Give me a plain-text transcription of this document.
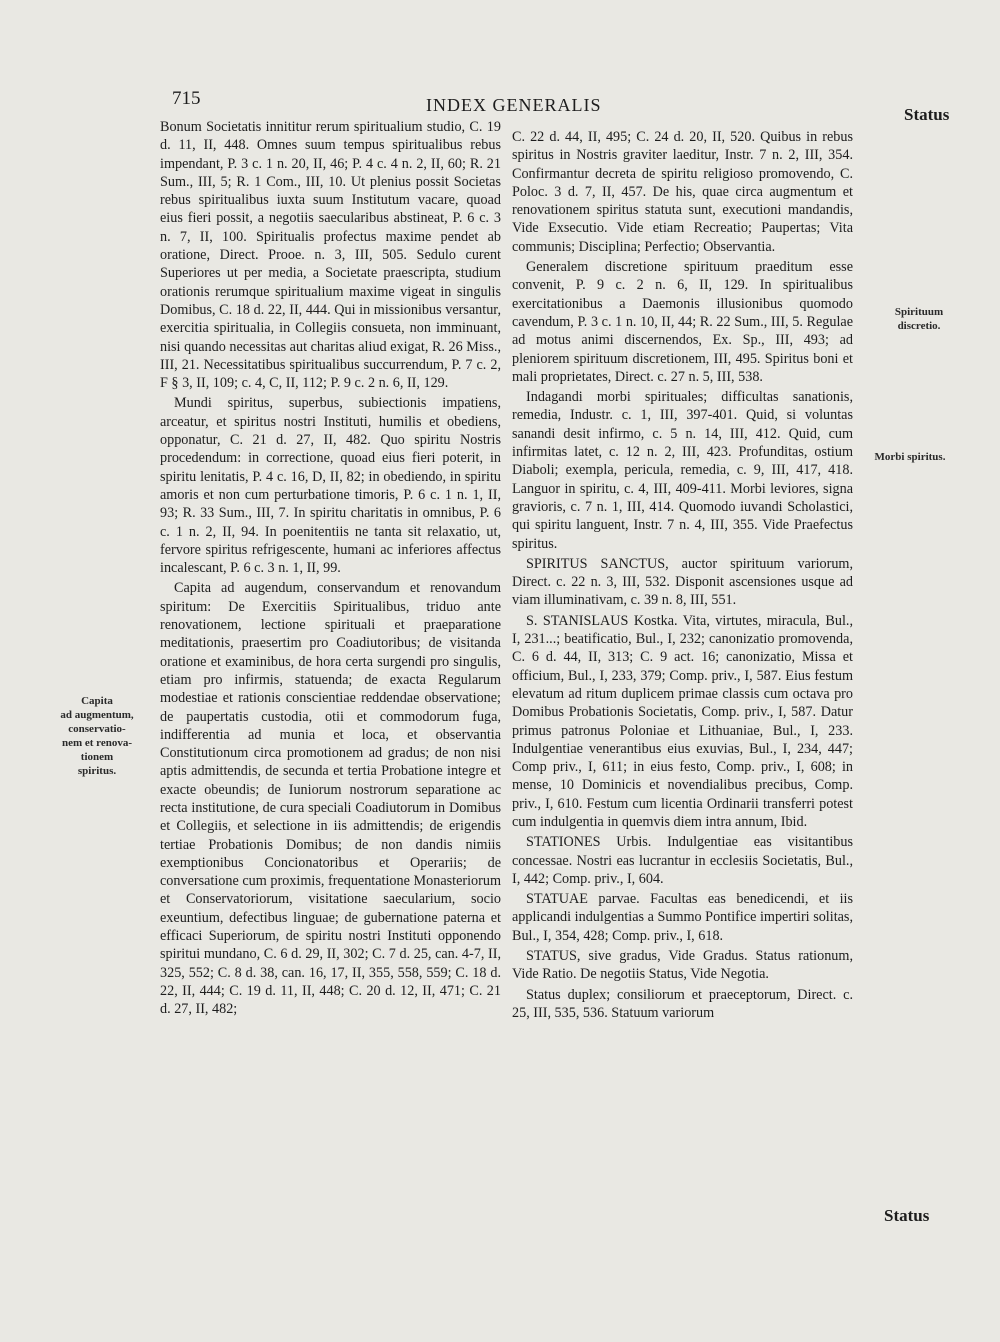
715	INDEX GENERALIS	Status
Spirituum
discretio.
Morbi spiritus.
Capita
ad augmentum,
conservatio-
nem et renova-
tionem
spiritus.

Bonum Societatis innititur rerum spiritualium studio, C. 19 d. 11, II, 448. Omnes suum tempus spiritualibus rebus impendant, P. 3 c. 1 n. 20, II, 46; P. 4 c. 4 n. 2, II, 60; R. 21 Sum., III, 5; R. 1 Com., III, 10. Ut plenius possit Societas rebus spiritualibus iuxta suum Institutum vacare, quoad eius fieri possit, a negotiis saecularibus abstineat, P. 6 c. 3 n. 7, II, 100. Spiritualis profectus maxime pendet ab oratione, Direct. Prooe. n. 3, III, 505. Sedulo curent Superiores ut per media, a Societate praescripta, studium orationis rerumque spiritualium maxime vigeat in singulis Domibus, C. 18 d. 22, II, 444. Qui in missionibus versantur, exercitia spiritualia, in Collegiis consueta, non imminuant, nisi quando necessitas aut charitas aliud exigat, R. 26 Miss., III, 21. Necessitatibus spiritualibus succurrendum, P. 7 c. 2, F § 3, II, 109; c. 4, C, II, 112; P. 9 c. 2 n. 6, II, 129.

Mundi spiritus, superbus, subiectionis impatiens, arceatur, et spiritus nostri Instituti, humilis et obediens, opponatur, C. 21 d. 27, II, 482. Quo spiritu Nostris procedendum: in correctione, quoad eius fieri poterit, in spiritu lenitatis, P. 4 c. 16, D, II, 82; in obediendo, in spiritu amoris et non cum perturbatione timoris, P. 6 c. 1 n. 1, II, 93; R. 33 Sum., III, 7. In spiritu charitatis in omnibus, P. 6 c. 1 n. 2, II, 94. In poenitentiis ne tanta sit relaxatio, ut, fervore spiritus refrigescente, humani ac inferiores affectus incalescant, P. 6 c. 3 n. 1, II, 99.

Capita ad augendum, conservandum et renovandum spiritum: De Exercitiis Spiritualibus, triduo ante renovationem, lectione spirituali et praeparatione meditationis, praesertim pro Coadiutoribus; de visitanda oratione et examinibus, de hora certa surgendi pro singulis, etiam pro infirmis, statuenda; de exacta Regularum modestiae et rationis conscientiae reddendae observatione; de paupertatis custodia, otii et commodorum fuga, indifferentia ad munia et loca, et observantia Constitutionum circa promotionem ad gradus; de non nisi aptis admittendis, de secunda et tertia Probatione integre et exacte obeundis; de Iuniorum nostrorum separatione ac recta institutione, de cura speciali Coadiutorum in Domibus et Collegiis, et selectione in iis admittendis; de erigendis tertiae Probationis Domibus; de non dandis nimiis exemptionibus Concionatoribus et Operariis; de conversatione cum proximis, frequentatione Monasteriorum et Conservatoriorum, visitatione saecularium, socio exeuntium, defectibus linguae; de gubernatione paterna et efficaci Superiorum, de spiritu nostri Instituti opponendo spiritui mundano, C. 6 d. 29, II, 302; C. 7 d. 25, can. 4-7, II, 325, 552; C. 8 d. 38, can. 16, 17, II, 355, 558, 559; C. 18 d. 22, II, 444; C. 19 d. 11, II, 448; C. 20 d. 12, II, 471; C. 21 d. 27, II, 482;

C. 22 d. 44, II, 495; C. 24 d. 20, II, 520. Quibus in rebus spiritus in Nostris graviter laeditur, Instr. 7 n. 2, III, 354. Confirmantur decreta de spiritu religioso promovendo, C. Poloc. 3 d. 7, II, 457. De his, quae circa augmentum et renovationem spiritus statuta sunt, executioni mandandis, Vide Exsecutio. Vide etiam Recreatio; Paupertas; Vita communis; Disciplina; Perfectio; Observantia.

Generalem discretione spirituum praeditum esse convenit, P. 9 c. 2 n. 6, II, 129. In spiritualibus exercitationibus a Daemonis illusionibus quomodo cavendum, P. 3 c. 1 n. 10, II, 44; R. 22 Sum., III, 5. Regulae ad motus animi discernendos, Ex. Sp., III, 493; ad pleniorem spirituum discretionem, III, 495. Spiritus boni et mali proprietates, Direct. c. 27 n. 5, III, 538.

Indagandi morbi spirituales; difficultas sanationis, remedia, Industr. c. 1, III, 397-401. Quid, si voluntas sanandi desit infirmo, c. 5 n. 14, III, 412. Quid, cum infirmitas latet, c. 12 n. 2, III, 423. Profunditas, ostium Diaboli; exempla, pericula, remedia, c. 9, III, 417, 418. Languor in spiritu, c. 4, III, 409-411. Morbi leviores, signa gravioris, c. 7 n. 1, III, 414. Quomodo iuvandi Scholastici, qui spiritu languent, Instr. 7 n. 4, III, 355. Vide Praefectus spiritus.

SPIRITUS SANCTUS, auctor spirituum variorum, Direct. c. 22 n. 3, III, 532. Disponit ascensiones usque ad viam illuminativam, c. 39 n. 8, III, 551.

S. STANISLAUS Kostka. Vita, virtutes, miracula, Bul., I, 231...; beatificatio, Bul., I, 232; canonizatio promovenda, C. 6 d. 44, II, 313; C. 9 act. 16; canonizatio, Missa et officium, Bul., I, 233, 379; Comp. priv., I, 587. Eius festum elevatum ad ritum duplicem primae classis cum octava pro Domibus Probationis Societatis, Comp. priv., I, 587. Datur primus patronus Poloniae et Lithuaniae, Bul., I, 233. Indulgentiae venerantibus eius exuvias, Bul., I, 234, 447; Comp priv., I, 611; in eius festo, Comp. priv., I, 608; in mense, 10 Dominicis et novendialibus precibus, Comp. priv., I, 610. Festum cum licentia Ordinarii transferri potest cum indulgentia in quemvis diem intra annum, Ibid.

STATIONES Urbis. Indulgentiae eas visitantibus concessae. Nostri eas lucrantur in ecclesiis Societatis, Bul., I, 442; Comp. priv., I, 604.

STATUAE parvae. Facultas eas benedicendi, et iis applicandi indulgentias a Summo Pontifice impertiri solitas, Bul., I, 354, 428; Comp. priv., I, 618.

STATUS, sive gradus, Vide Gradus. Status rationum, Vide Ratio. De negotiis Status, Vide Negotia.

Status duplex; consiliorum et praeceptorum, Direct. c. 25, III, 535, 536. Statuum variorum

Status
